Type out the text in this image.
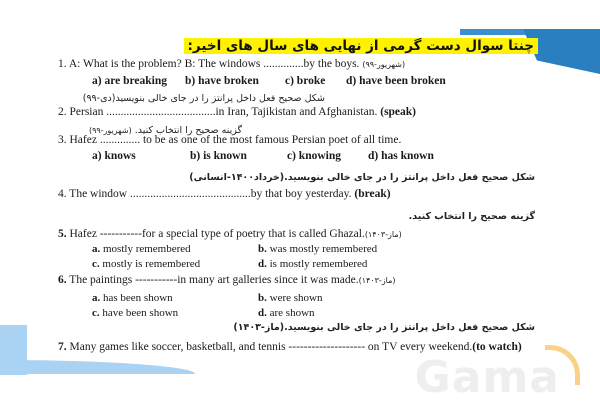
Gama
چنتا سوال دست گرمی از نهایی های سال های اخیر:
1. A: What is the problem? B: The windows ..............by the boys. (شهریور-۹۹)
a) are breaking b) have broken c) broke d) have been broken
شکل صحیح فعل داخل پرانتز را در جای خالی بنویسید(دی-۹۹)
2. Persian ......................................in Iran, Tajikistan and Afghanistan. (speak)
گزینه صحیح را انتخاب کنید. (شهریور-۹۹)
3. Hafez .............. to be as one of the most famous Persian poet of all time.
a) knows	b) is known	c) knowing d) has known
شکل صحیح فعل داخل پرانتز را در جای خالی بنویسید.(خرداد۱۴۰۰-انسانی)
4. The window ..........................................by that boy yesterday. (break)
گزینه صحیح را انتخاب کنید.
5. Hafez -----------for a special type of poetry that is called Ghazal.(ماز-۱۴۰۳)
a. mostly remembered	b. was mostly remembered
c. mostly is remembered	d. is mostly remembered
6. The paintings -----------in many art galleries since it was made.(ماز-۱۴۰۳)
a. has been shown	b. were shown
c. have been shown	d. are shown
شکل صحیح فعل داخل پرانتز را در جای خالی بنویسید.(ماز-۱۴۰۳)
7. Many games like soccer, basketball, and tennis -------------------- on TV every weekend.(to watch)
